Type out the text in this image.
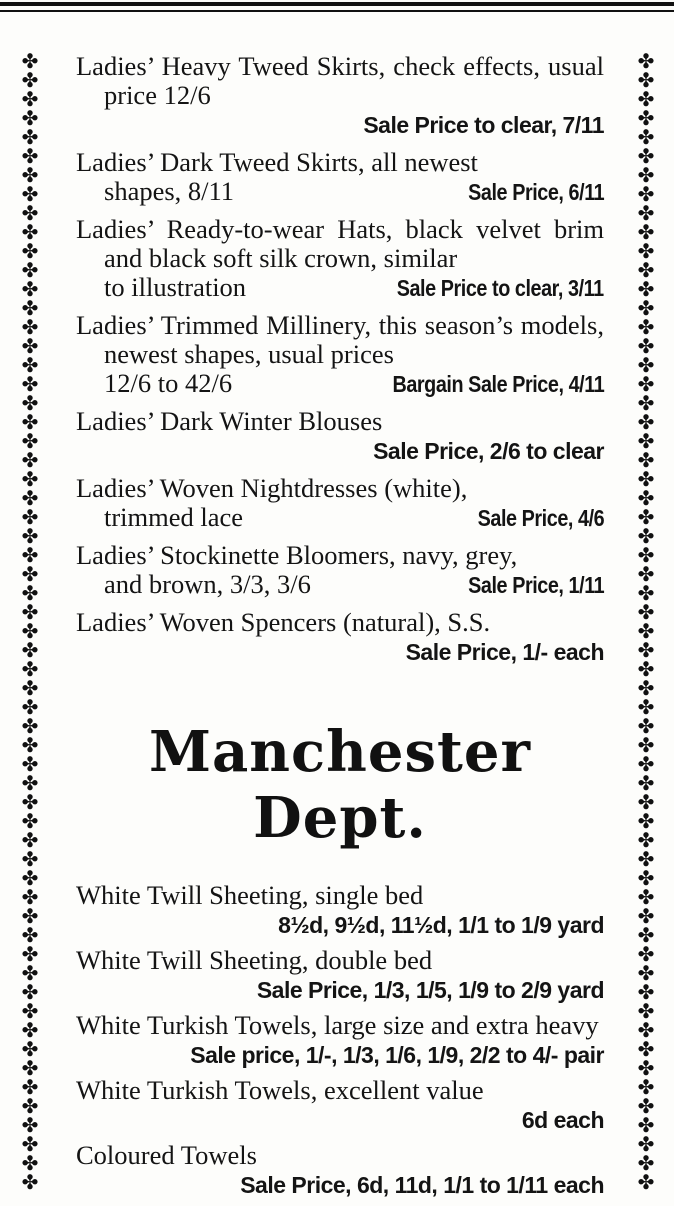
✤
✤
✤
✤
✤
✤
✤
✤
✤
✤
✤
✤
✤
✤
✤
✤
✤
✤
✤
✤
✤
✤
✤
✤
✤
✤
✤
✤
✤
✤
✤
✤
✤
✤
✤
✤
✤
✤
✤
✤
✤
✤
✤
✤
✤
✤
✤
✤
✤
✤
✤
✤
✤
✤
✤
✤
✤
✤
✤
✤
✤
✤
✤
✤
✤
✤
✤
✤
✤
✤
✤
✤
✤
✤
✤
✤
✤
✤
✤
✤
✤
✤
✤
✤
✤
✤
✤
✤
✤
✤
✤
✤
✤
✤
✤
✤
✤
✤
✤
✤
✤
✤
✤
✤
✤
✤
✤
✤
✤
✤
✤
✤
✤
✤
✤
✤
✤
✤
✤
✤
Ladies’ Heavy Tweed Skirts, check effects, usual price 12/6
Sale Price to clear, 7/11
Ladies’ Dark Tweed Skirts, all newest
shapes, 8/11	Sale Price, 6/11
Ladies’ Ready-to-wear Hats, black velvet brim and black soft silk crown, similar
to illustration	Sale Price to clear, 3/11
Ladies’ Trimmed Millinery, this season’s models, newest shapes, usual prices
12/6 to 42/6	Bargain Sale Price, 4/11
Ladies’ Dark Winter Blouses
Sale Price, 2/6 to clear
Ladies’ Woven Nightdresses (white),
trimmed lace	Sale Price, 4/6
Ladies’ Stockinette Bloomers, navy, grey,
and brown, 3/3, 3/6	Sale Price, 1/11
Ladies’ Woven Spencers (natural), S.S.
Sale Price, 1/- each
Manchester Dept.
White Twill Sheeting, single bed
8½d, 9½d, 11½d, 1/1 to 1/9 yard
White Twill Sheeting, double bed
Sale Price, 1/3, 1/5, 1/9 to 2/9 yard
White Turkish Towels, large size and extra heavy
Sale price, 1/-, 1/3, 1/6, 1/9, 2/2 to 4/- pair
White Turkish Towels, excellent value
6d each
Coloured Towels
Sale Price, 6d, 11d, 1/1 to 1/11 each
